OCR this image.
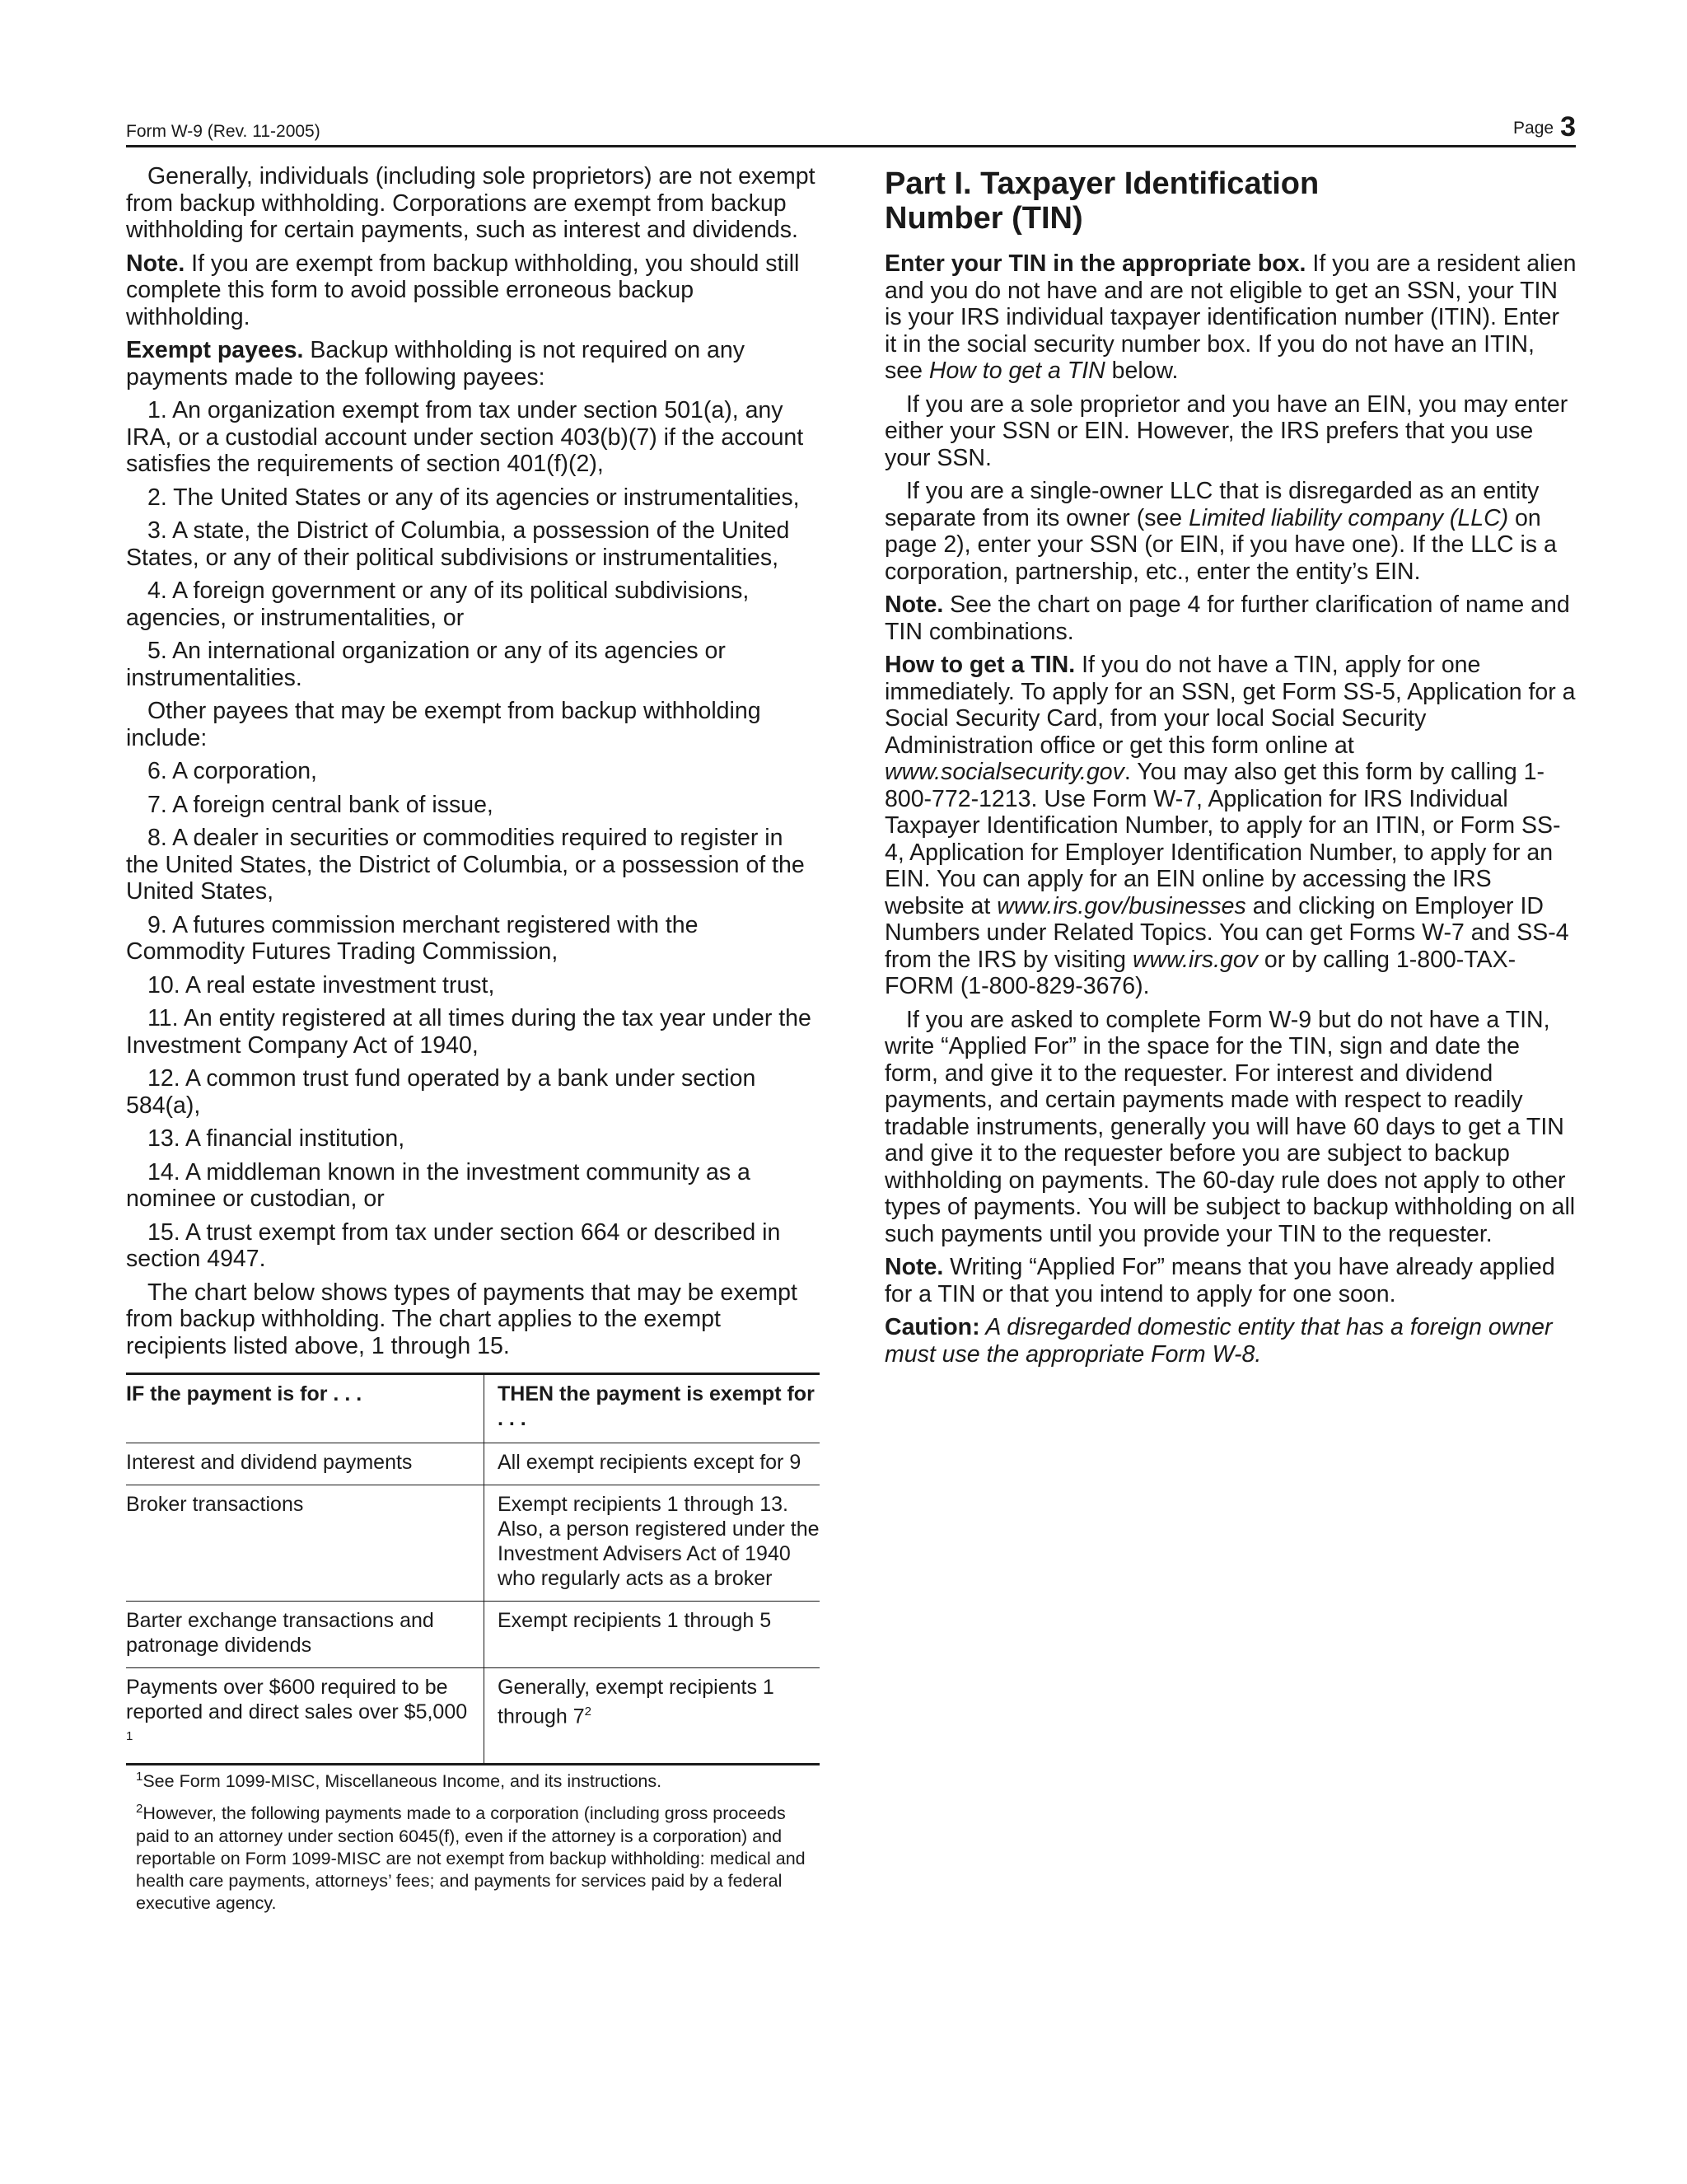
Form W-9 (Rev. 11-2005)	Page 3

Generally, individuals (including sole proprietors) are not exempt from backup withholding. Corporations are exempt from backup withholding for certain payments, such as interest and dividends.

Note. If you are exempt from backup withholding, you should still complete this form to avoid possible erroneous backup withholding.

Exempt payees. Backup withholding is not required on any payments made to the following payees:

1. An organization exempt from tax under section 501(a), any IRA, or a custodial account under section 403(b)(7) if the account satisfies the requirements of section 401(f)(2),

2. The United States or any of its agencies or instrumentalities,

3. A state, the District of Columbia, a possession of the United States, or any of their political subdivisions or instrumentalities,

4. A foreign government or any of its political subdivisions, agencies, or instrumentalities, or

5. An international organization or any of its agencies or instrumentalities.

Other payees that may be exempt from backup withholding include:

6. A corporation,

7. A foreign central bank of issue,

8. A dealer in securities or commodities required to register in the United States, the District of Columbia, or a possession of the United States,

9. A futures commission merchant registered with the Commodity Futures Trading Commission,

10. A real estate investment trust,

11. An entity registered at all times during the tax year under the Investment Company Act of 1940,

12. A common trust fund operated by a bank under section 584(a),

13. A financial institution,

14. A middleman known in the investment community as a nominee or custodian, or

15. A trust exempt from tax under section 664 or described in section 4947.

The chart below shows types of payments that may be exempt from backup withholding. The chart applies to the exempt recipients listed above, 1 through 15.

IF the payment is for . . .	THEN the payment is exempt for . . .
Interest and dividend payments	All exempt recipients except for 9
Broker transactions	Exempt recipients 1 through 13. Also, a person registered under the Investment Advisers Act of 1940 who regularly acts as a broker
Barter exchange transactions and patronage dividends	Exempt recipients 1 through 5
Payments over $600 required to be reported and direct sales over $5,000 $^1$	Generally, exempt recipients 1 through $7^2$

$^1$See Form 1099-MISC, Miscellaneous Income, and its instructions.

$^2$However, the following payments made to a corporation (including gross proceeds paid to an attorney under section 6045(f), even if the attorney is a corporation) and reportable on Form 1099-MISC are not exempt from backup withholding: medical and health care payments, attorneys’ fees; and payments for services paid by a federal executive agency.

Part I. Taxpayer Identification
Number (TIN)

Enter your TIN in the appropriate box. If you are a resident alien and you do not have and are not eligible to get an SSN, your TIN is your IRS individual taxpayer identification number (ITIN). Enter it in the social security number box. If you do not have an ITIN, see How to get a TIN below.

If you are a sole proprietor and you have an EIN, you may enter either your SSN or EIN. However, the IRS prefers that you use your SSN.

If you are a single-owner LLC that is disregarded as an entity separate from its owner (see Limited liability company (LLC) on page 2), enter your SSN (or EIN, if you have one). If the LLC is a corporation, partnership, etc., enter the entity’s EIN.

Note. See the chart on page 4 for further clarification of name and TIN combinations.

How to get a TIN. If you do not have a TIN, apply for one immediately. To apply for an SSN, get Form SS-5, Application for a Social Security Card, from your local Social Security Administration office or get this form online at www.socialsecurity.gov. You may also get this form by calling 1-800-772-1213. Use Form W-7, Application for IRS Individual Taxpayer Identification Number, to apply for an ITIN, or Form SS-4, Application for Employer Identification Number, to apply for an EIN. You can apply for an EIN online by accessing the IRS website at www.irs.gov/businesses and clicking on Employer ID Numbers under Related Topics. You can get Forms W-7 and SS-4 from the IRS by visiting www.irs.gov or by calling 1-800-TAX-FORM (1-800-829-3676).

If you are asked to complete Form W-9 but do not have a TIN, write “Applied For” in the space for the TIN, sign and date the form, and give it to the requester. For interest and dividend payments, and certain payments made with respect to readily tradable instruments, generally you will have 60 days to get a TIN and give it to the requester before you are subject to backup withholding on payments. The 60-day rule does not apply to other types of payments. You will be subject to backup withholding on all such payments until you provide your TIN to the requester.

Note. Writing “Applied For” means that you have already applied for a TIN or that you intend to apply for one soon.

Caution: A disregarded domestic entity that has a foreign owner must use the appropriate Form W-8.
